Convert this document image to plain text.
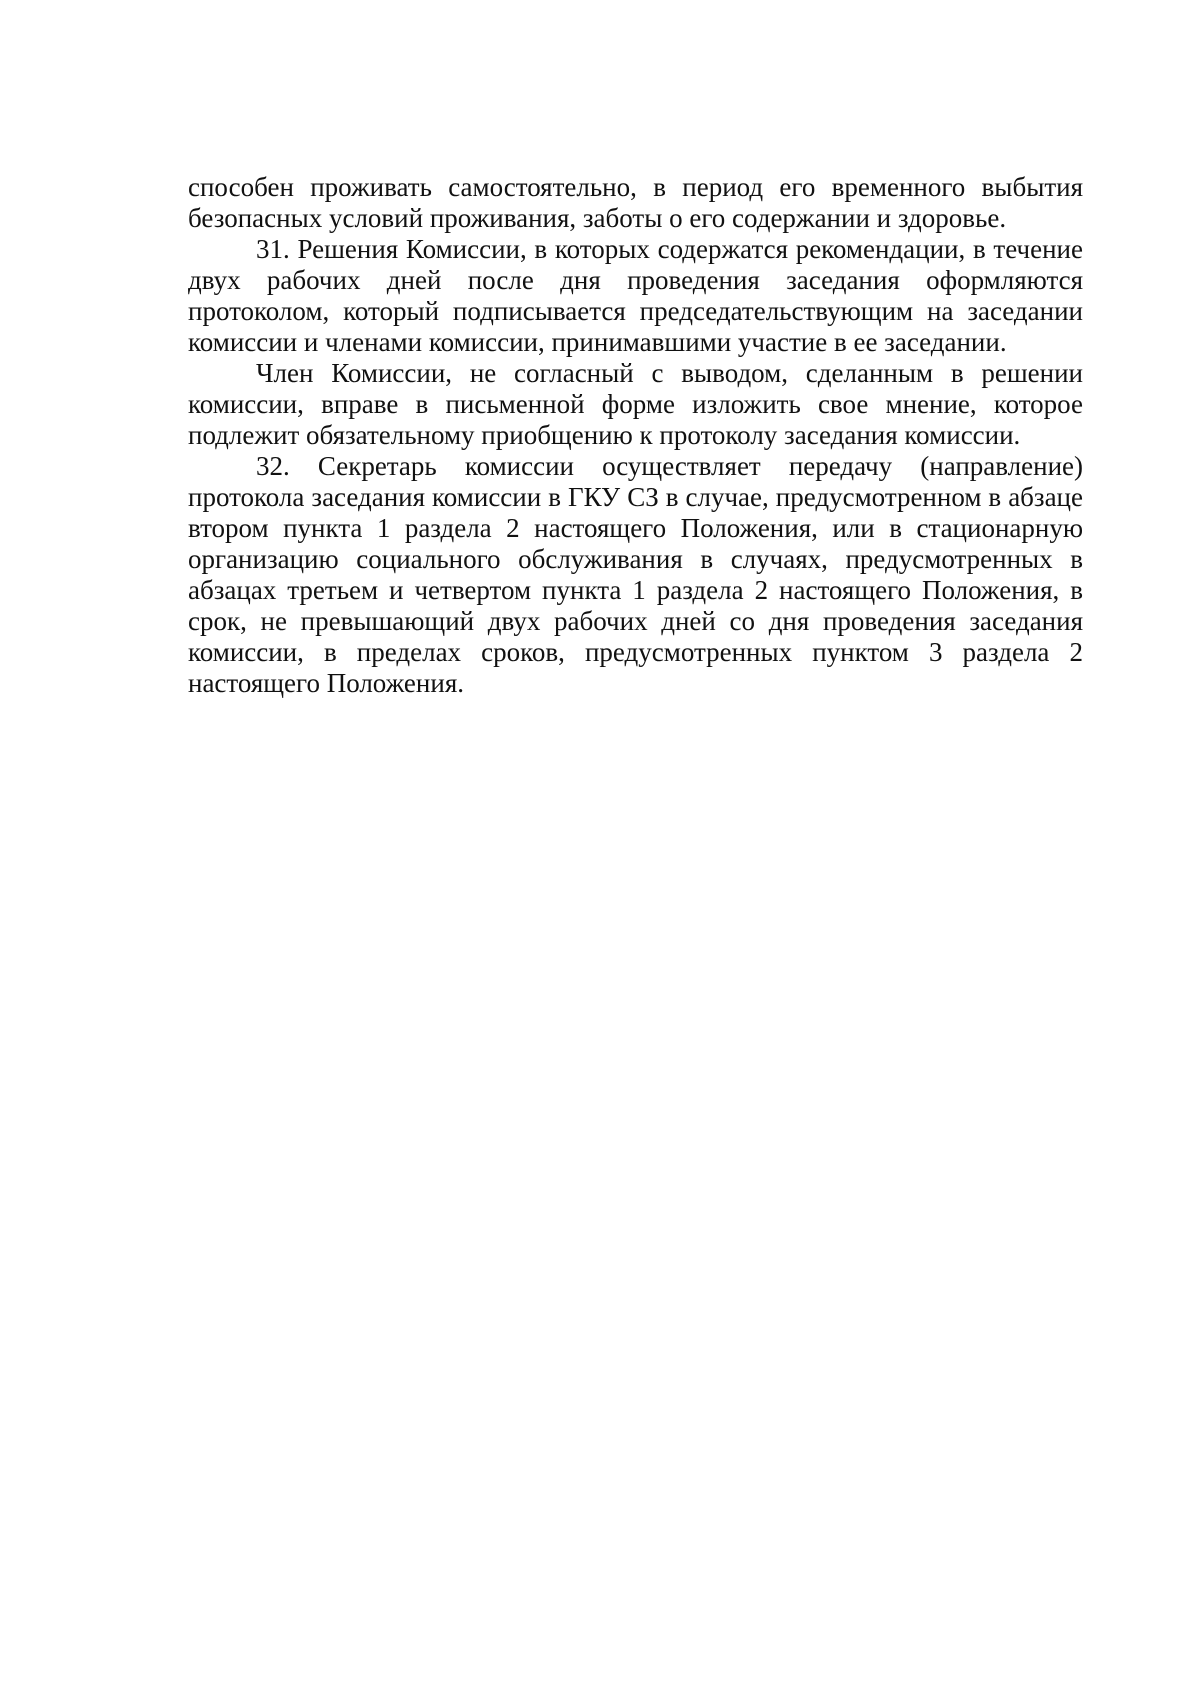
способен проживать самостоятельно, в период его временного выбытия безопасных условий проживания, заботы о его содержании и здоровье.

31. Решения Комиссии, в которых содержатся рекомендации, в течение двух рабочих дней после дня проведения заседания оформляются протоколом, который подписывается председательствующим на заседании комиссии и членами комиссии, принимавшими участие в ее заседании.

Член Комиссии, не согласный с выводом, сделанным в решении комиссии, вправе в письменной форме изложить свое мнение, которое подлежит обязательному приобщению к протоколу заседания комиссии.

32. Секретарь комиссии осуществляет передачу (направление) протокола заседания комиссии в ГКУ СЗ в случае, предусмотренном в абзаце втором пункта 1 раздела 2 настоящего Положения, или в стационарную организацию социального обслуживания в случаях, предусмотренных в абзацах третьем и четвертом пункта 1 раздела 2 настоящего Положения, в срок, не превышающий двух рабочих дней со дня проведения заседания комиссии, в пределах сроков, предусмотренных пунктом 3 раздела 2 настоящего Положения.
